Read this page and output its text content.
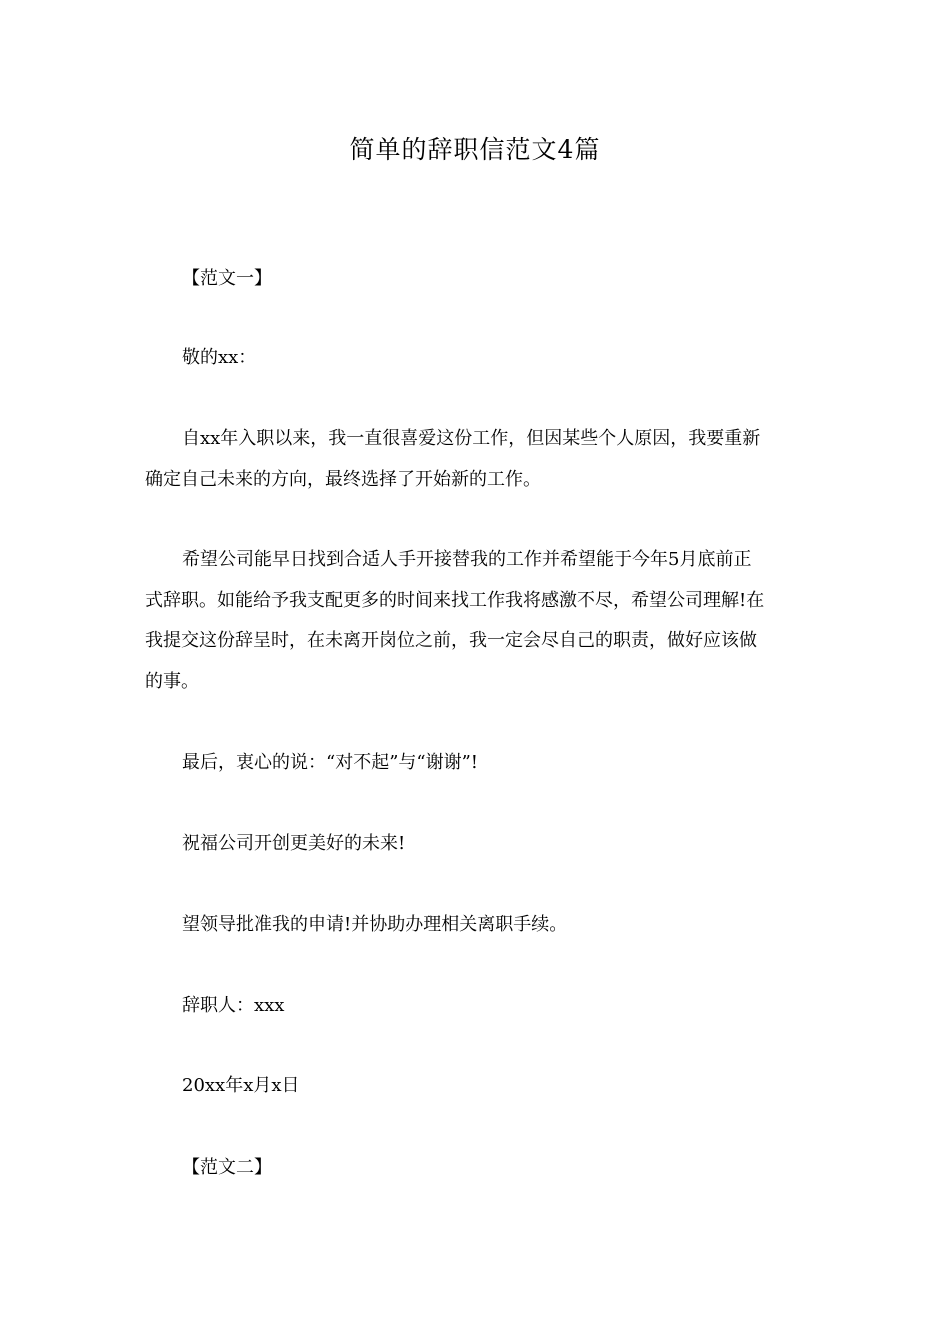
简单的辞职信范文4篇

【范文一】

敬的xx：

自xx年入职以来，我一直很喜爱这份工作，但因某些个人原因，我要重新
确定自己未来的方向，最终选择了开始新的工作。
希望公司能早日找到合适人手开接替我的工作并希望能于今年5月底前正
式辞职。如能给予我支配更多的时间来找工作我将感激不尽，希望公司理解!在
我提交这份辞呈时，在未离开岗位之前，我一定会尽自己的职责，做好应该做
的事。

最后，衷心的说：“对不起”与“谢谢”!

祝福公司开创更美好的未来!

望领导批准我的申请!并协助办理相关离职手续。

辞职人：xxx

20xx年x月x日

【范文二】
